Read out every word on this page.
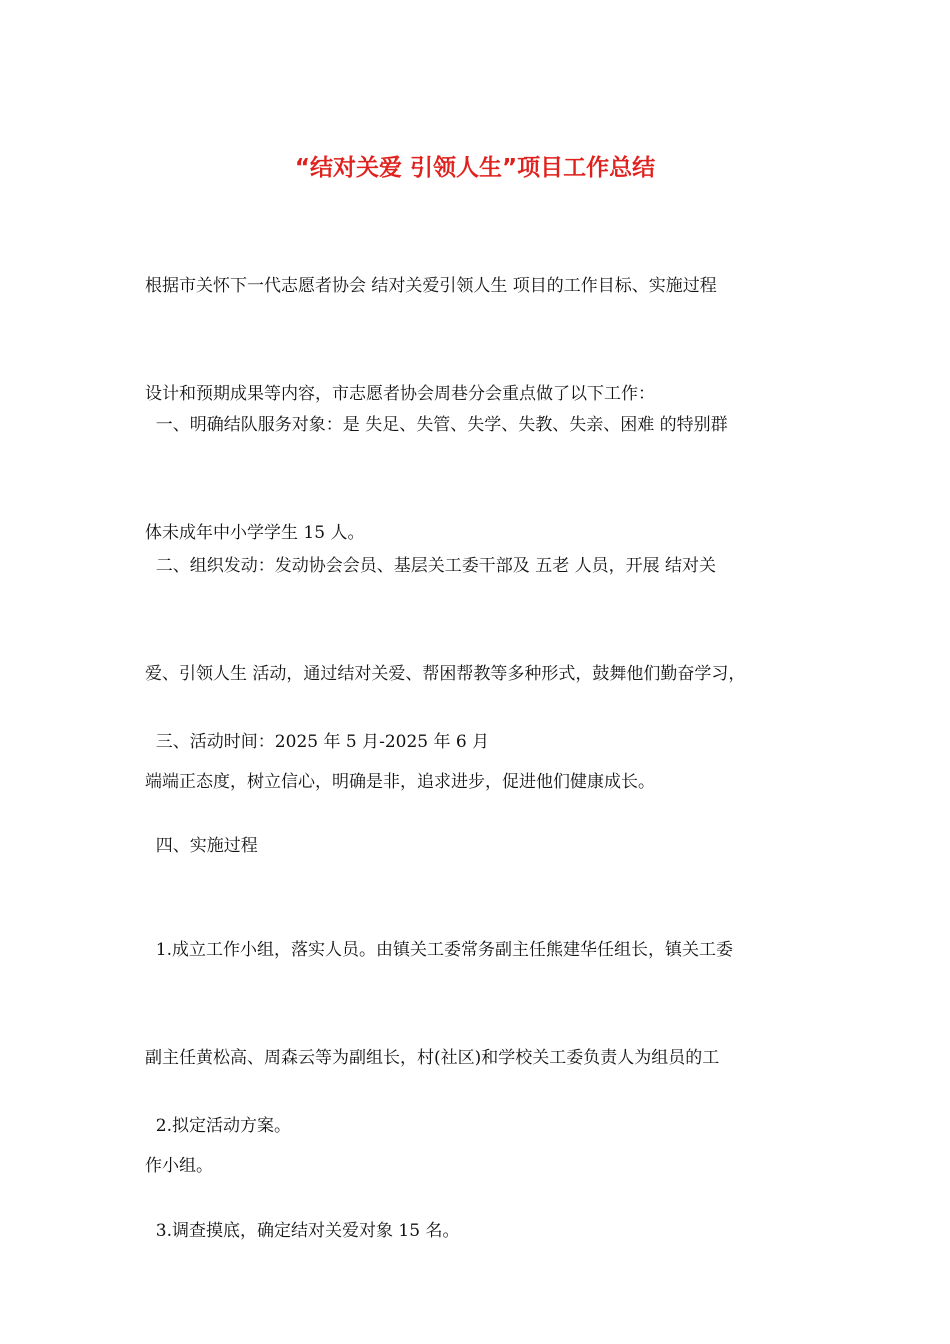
“结对关爱 引领人生”项目工作总结

根据市关怀下一代志愿者协会 结对关爱引领人生 项目的工作目标、实施过程

设计和预期成果等内容，市志愿者协会周巷分会重点做了以下工作：

一、明确结队服务对象：是 失足、失管、失学、失教、失亲、困难 的特别群

体未成年中小学学生 15 人。

二、组织发动：发动协会会员、基层关工委干部及 五老 人员，开展 结对关

爱、引领人生 活动，通过结对关爱、帮困帮教等多种形式，鼓舞他们勤奋学习，

端端正态度，树立信心，明确是非，追求进步，促进他们健康成长。

三、活动时间：2025 年 5 月-2025 年 6 月

四、实施过程

1.成立工作小组，落实人员。由镇关工委常务副主任熊建华任组长，镇关工委

副主任黄松高、周森云等为副组长，村(社区)和学校关工委负责人为组员的工

作小组。

2.拟定活动方案。

3.调查摸底，确定结对关爱对象 15 名。
